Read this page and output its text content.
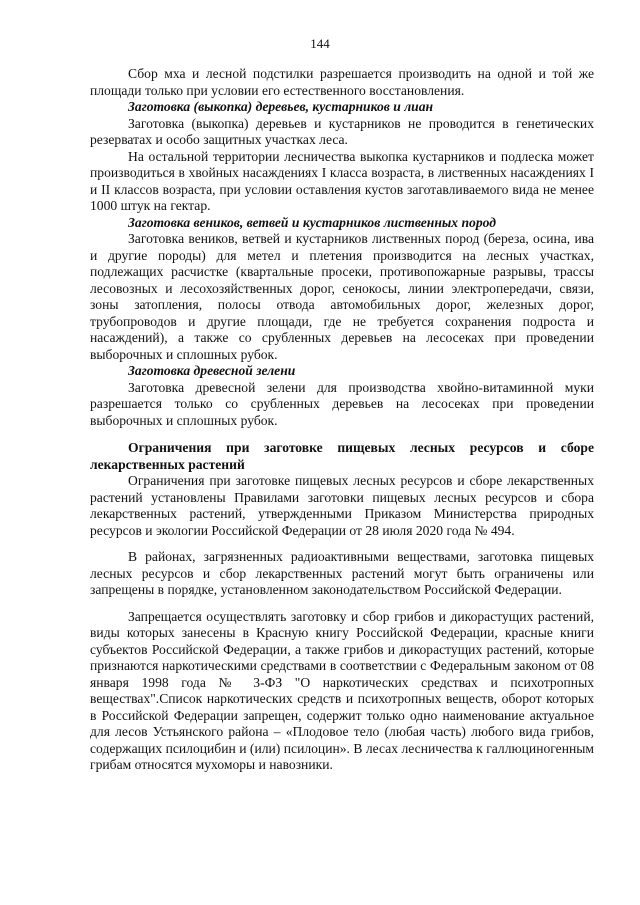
144

Сбор мха и лесной подстилки разрешается производить на одной и той же площади только при условии его естественного восстановления.

Заготовка (выкопка) деревьев, кустарников и лиан

Заготовка (выкопка) деревьев и кустарников не проводится в генетических резерватах и особо защитных участках леса.

На остальной территории лесничества выкопка кустарников и подлеска может производиться в хвойных насаждениях I класса возраста, в лиственных насаждениях I и II классов возраста, при условии оставления кустов заготавливаемого вида не менее 1000 штук на гектар.

Заготовка веников, ветвей и кустарников лиственных пород

Заготовка веников, ветвей и кустарников лиственных пород (береза, осина, ива и другие породы) для метел и плетения производится на лесных участках, подлежащих расчистке (квартальные просеки, противопожарные разрывы, трассы лесовозных и лесохозяйственных дорог, сенокосы, линии электропередачи, связи, зоны затопления, полосы отвода автомобильных дорог, железных дорог, трубопроводов и другие площади, где не требуется сохранения подроста и насаждений), а также со срубленных деревьев на лесосеках при проведении выборочных и сплошных рубок.

Заготовка древесной зелени

Заготовка древесной зелени для производства хвойно-витаминной муки разрешается только со срубленных деревьев на лесосеках при проведении выборочных и сплошных рубок.

Ограничения при заготовке пищевых лесных ресурсов и сборе лекарственных растений

Ограничения при заготовке пищевых лесных ресурсов и сборе лекарственных растений установлены Правилами заготовки пищевых лесных ресурсов и сбора лекарственных растений, утвержденными Приказом Министерства природных ресурсов и экологии Российской Федерации от 28 июля 2020 года № 494.

В районах, загрязненных радиоактивными веществами, заготовка пищевых лесных ресурсов и сбор лекарственных растений могут быть ограничены или запрещены в порядке, установленном законодательством Российской Федерации.

Запрещается осуществлять заготовку и сбор грибов и дикорастущих растений, виды которых занесены в Красную книгу Российской Федерации, красные книги субъектов Российской Федерации, а также грибов и дикорастущих растений, которые признаются наркотическими средствами в соответствии с Федеральным законом от 08 января 1998 года № 3-ФЗ "О наркотических средствах и психотропных веществах".Список наркотических средств и психотропных веществ, оборот которых в Российской Федерации запрещен, содержит только одно наименование актуальное для лесов Устьянского района – «Плодовое тело (любая часть) любого вида грибов, содержащих псилоцибин и (или) псилоцин». В лесах лесничества к галлюциногенным грибам относятся мухоморы и навозники.
